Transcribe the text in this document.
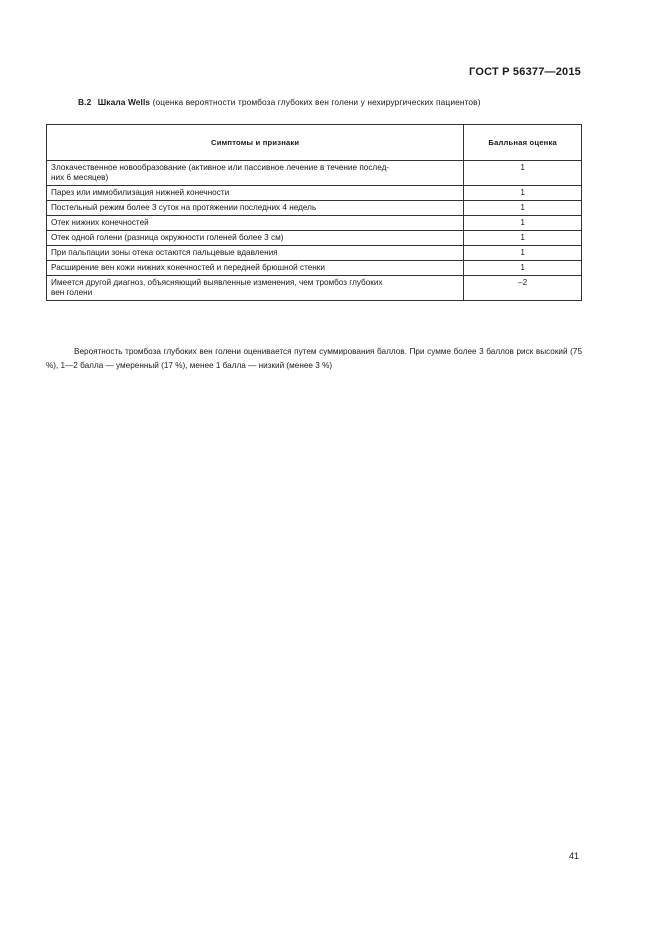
ГОСТ Р 56377—2015
В.2 Шкала Wells (оценка вероятности тромбоза глубоких вен голени у нехирургических пациентов)
Симптомы и признаки	Балльная оценка
Злокачественное новообразование (активное или пассивное лечение в течение послед-
них 6 месяцев)	1
Парез или иммобилизация нижней конечности	1
Постельный режим более 3 суток на протяжении последних 4 недель	1
Отек нижних конечностей	1
Отек одной голени (разница окружности голеней более 3 см)	1
При пальпации зоны отека остаются пальцевые вдавления	1
Расширение вен кожи нижних конечностей и передней брюшной стенки	1
Имеется другой диагноз, объясняющий выявленные изменения, чем тромбоз глубоких
вен голени	–2
Вероятность тромбоза глубоких вен голени оценивается путем суммирования баллов. При сумме более 3 баллов риск высокий (75 %), 1—2 балла — умеренный (17 %), менее 1 балла — низкий (менее 3 %)
41
